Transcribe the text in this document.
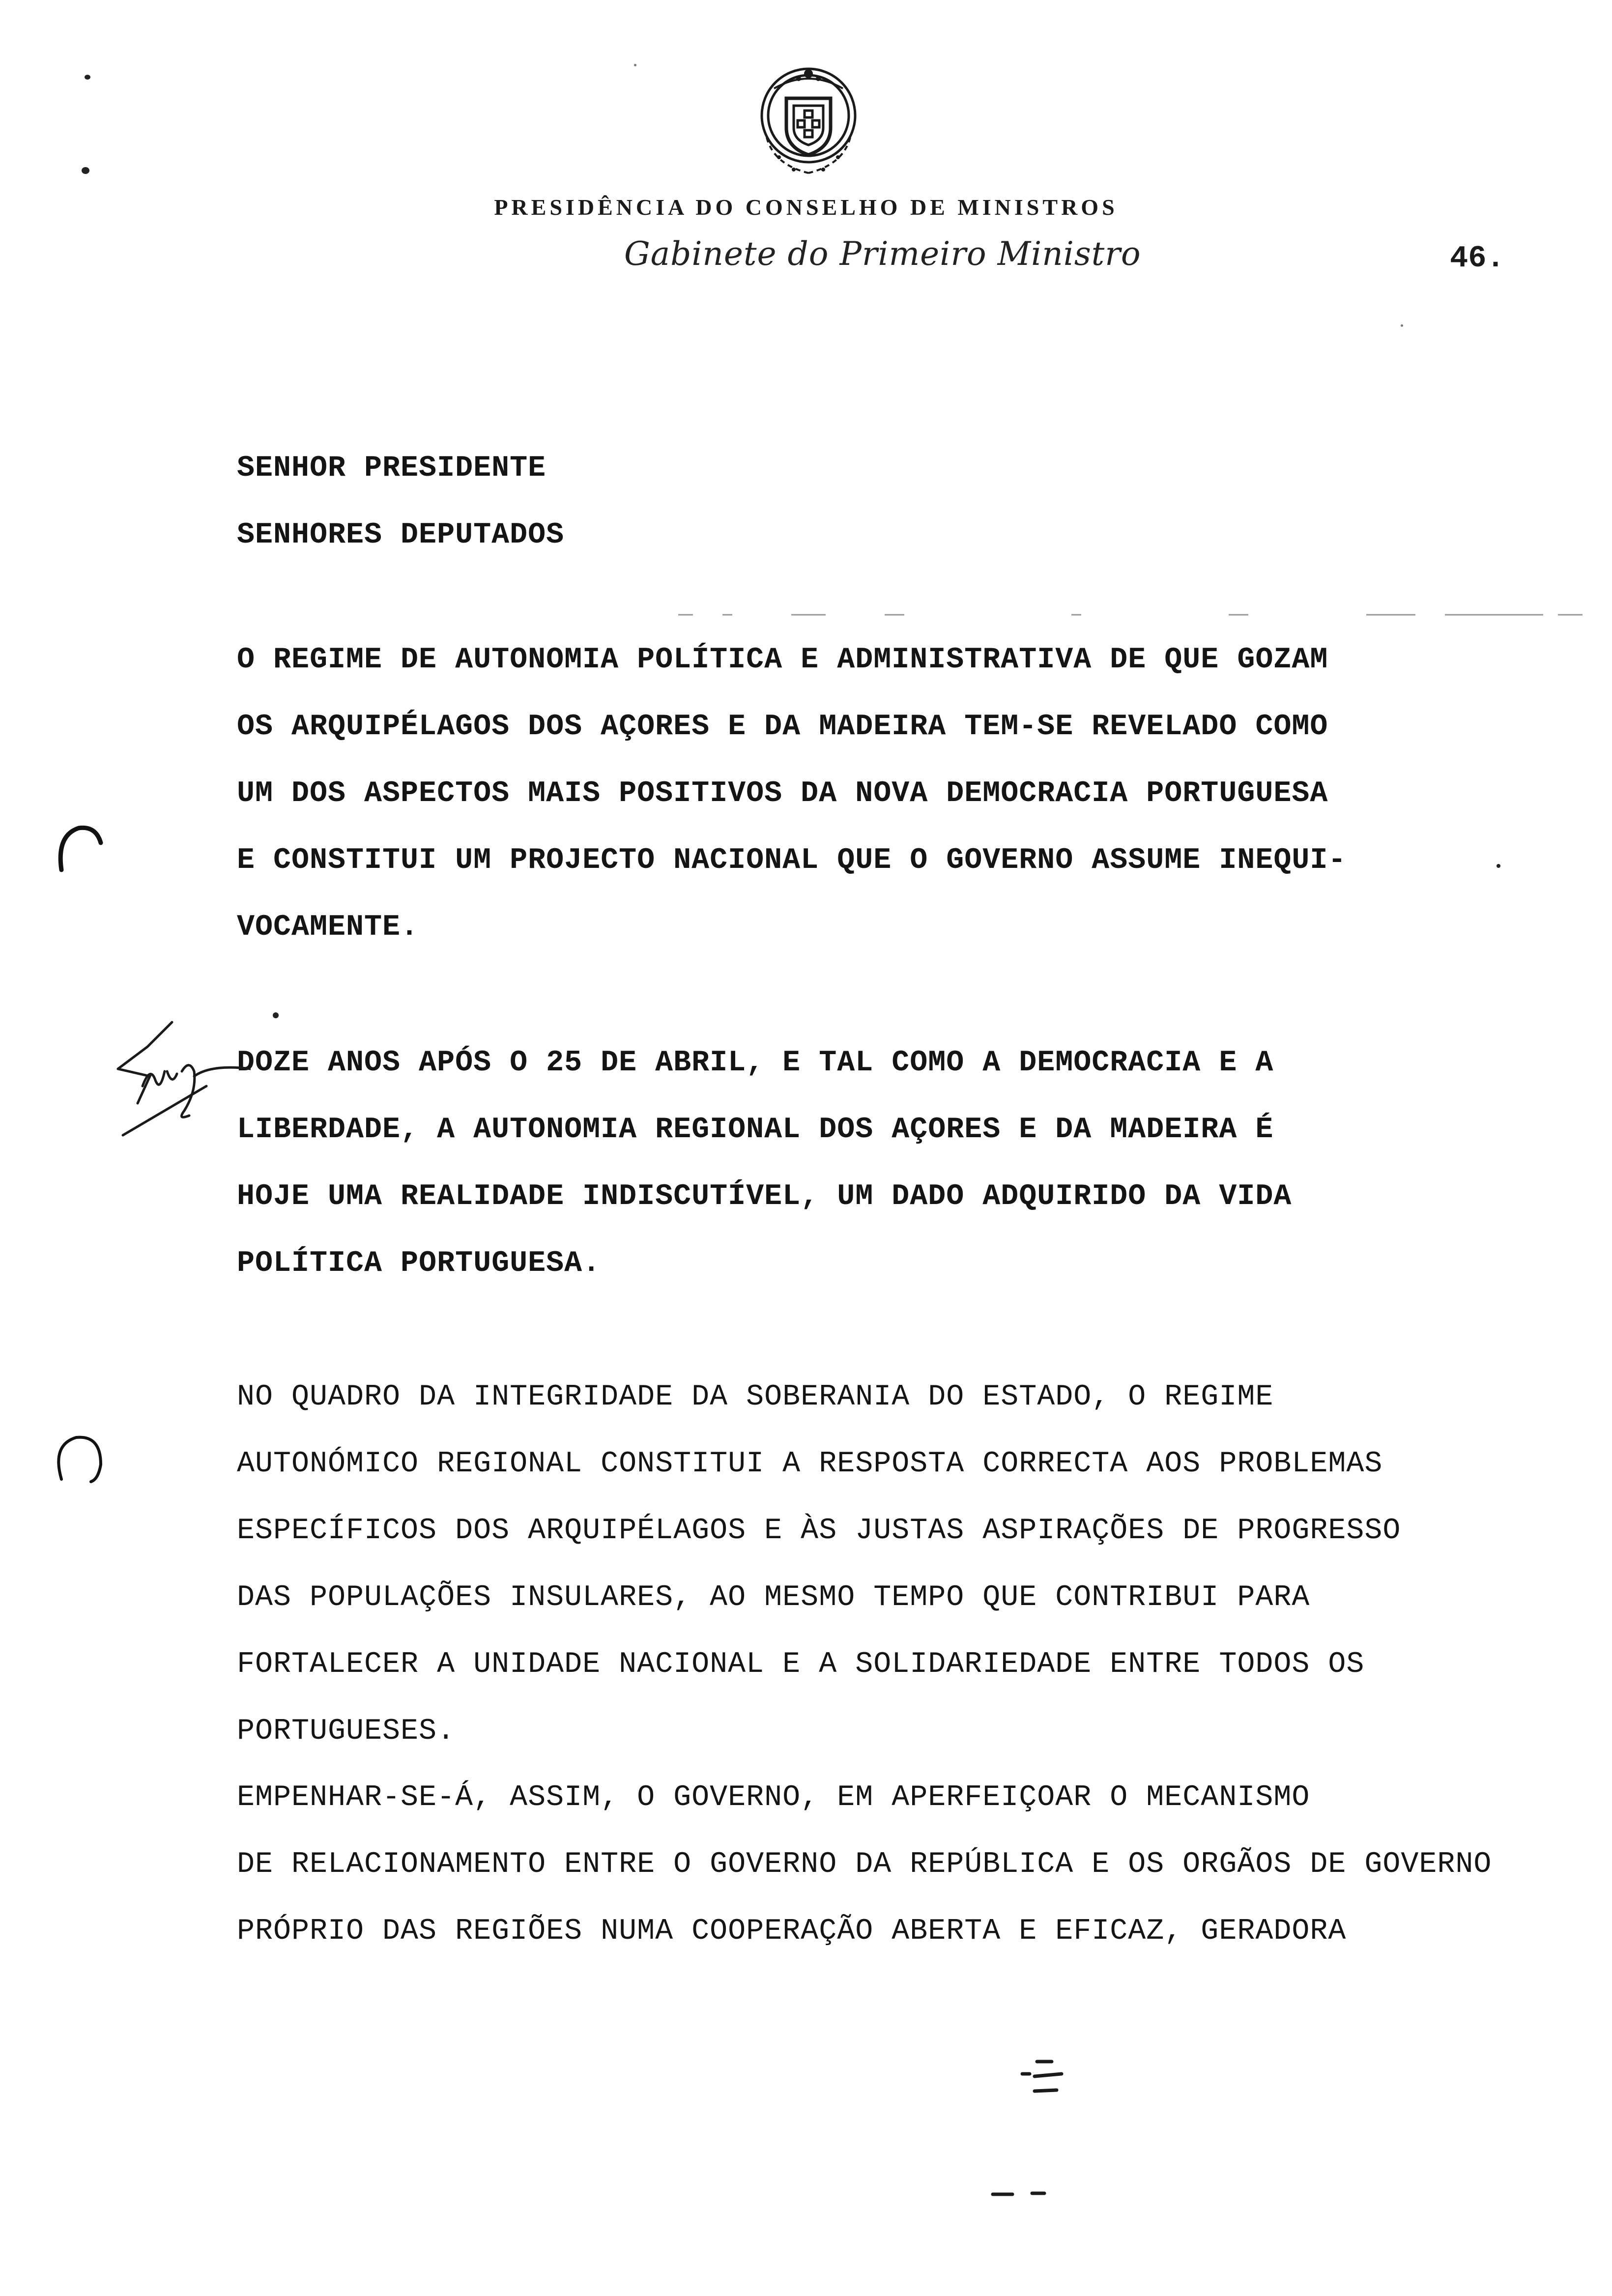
PRESIDÊNCIA DO CONSELHO DE MINISTROS
Gabinete do Primeiro Ministro	46.

SENHOR PRESIDENTE

SENHORES DEPUTADOS

O REGIME DE AUTONOMIA POLÍTICA E ADMINISTRATIVA DE QUE GOZAM

OS ARQUIPÉLAGOS DOS AÇORES E DA MADEIRA TEM-SE REVELADO COMO

UM DOS ASPECTOS MAIS POSITIVOS DA NOVA DEMOCRACIA PORTUGUESA

E CONSTITUI UM PROJECTO NACIONAL QUE O GOVERNO ASSUME INEQUI-

VOCAMENTE.

DOZE ANOS APÓS O 25 DE ABRIL, E TAL COMO A DEMOCRACIA E A

LIBERDADE, A AUTONOMIA REGIONAL DOS AÇORES E DA MADEIRA É

HOJE UMA REALIDADE INDISCUTÍVEL, UM DADO ADQUIRIDO DA VIDA

POLÍTICA PORTUGUESA.

NO QUADRO DA INTEGRIDADE DA SOBERANIA DO ESTADO, O REGIME

AUTONÓMICO REGIONAL CONSTITUI A RESPOSTA CORRECTA AOS PROBLEMAS

ESPECÍFICOS DOS ARQUIPÉLAGOS E ÀS JUSTAS ASPIRAÇÕES DE PROGRESSO

DAS POPULAÇÕES INSULARES, AO MESMO TEMPO QUE CONTRIBUI PARA

FORTALECER A UNIDADE NACIONAL E A SOLIDARIEDADE ENTRE TODOS OS

PORTUGUESES.

EMPENHAR-SE-Á, ASSIM, O GOVERNO, EM APERFEIÇOAR O MECANISMO

DE RELACIONAMENTO ENTRE O GOVERNO DA REPÚBLICA E OS ORGÃOS DE GOVERNO

PRÓPRIO DAS REGIÕES NUMA COOPERAÇÃO ABERTA E EFICAZ, GERADORA
